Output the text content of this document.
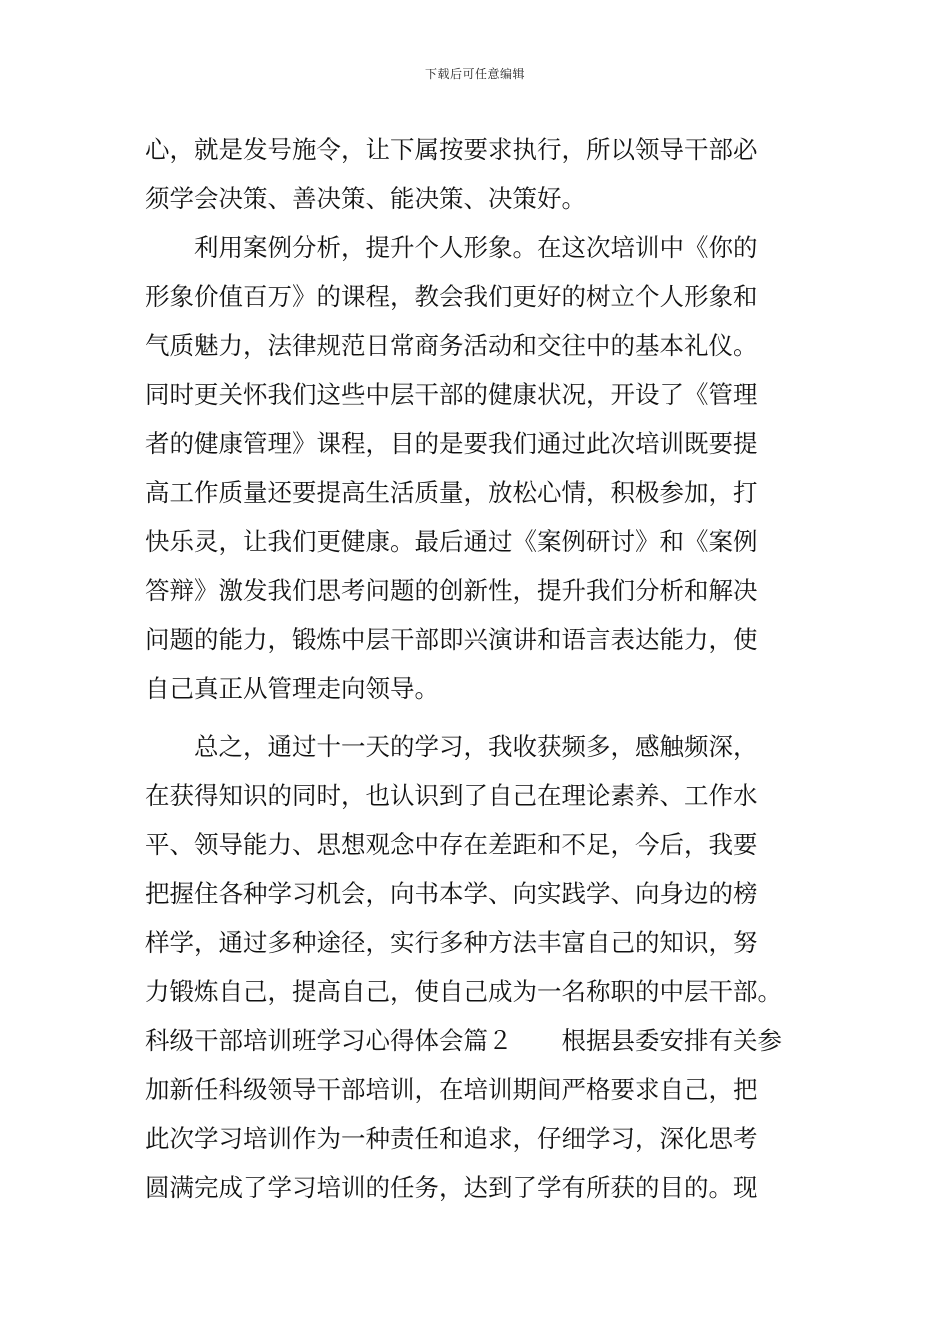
下载后可任意编辑
心，就是发号施令，让下属按要求执行，所以领导干部必
须学会决策、善决策、能决策、决策好。
　　利用案例分析，提升个人形象。在这次培训中《你的
形象价值百万》的课程，教会我们更好的树立个人形象和
气质魅力，法律规范日常商务活动和交往中的基本礼仪。
同时更关怀我们这些中层干部的健康状况，开设了《管理
者的健康管理》课程，目的是要我们通过此次培训既要提
高工作质量还要提高生活质量，放松心情，积极参加，打
快乐灵，让我们更健康。最后通过《案例研讨》和《案例
答辩》激发我们思考问题的创新性，提升我们分析和解决
问题的能力，锻炼中层干部即兴演讲和语言表达能力，使
自己真正从管理走向领导。
　　总之，通过十一天的学习，我收获频多，感触频深，
在获得知识的同时，也认识到了自己在理论素养、工作水
平、领导能力、思想观念中存在差距和不足，今后，我要
把握住各种学习机会，向书本学、向实践学、向身边的榜
样学，通过多种途径，实行多种方法丰富自己的知识，努
力锻炼自己，提高自己，使自己成为一名称职的中层干部。
科级干部培训班学习心得体会篇２　　根据县委安排有关参
加新任科级领导干部培训，在培训期间严格要求自己，把
此次学习培训作为一种责任和追求，仔细学习，深化思考
圆满完成了学习培训的任务，达到了学有所获的目的。现
